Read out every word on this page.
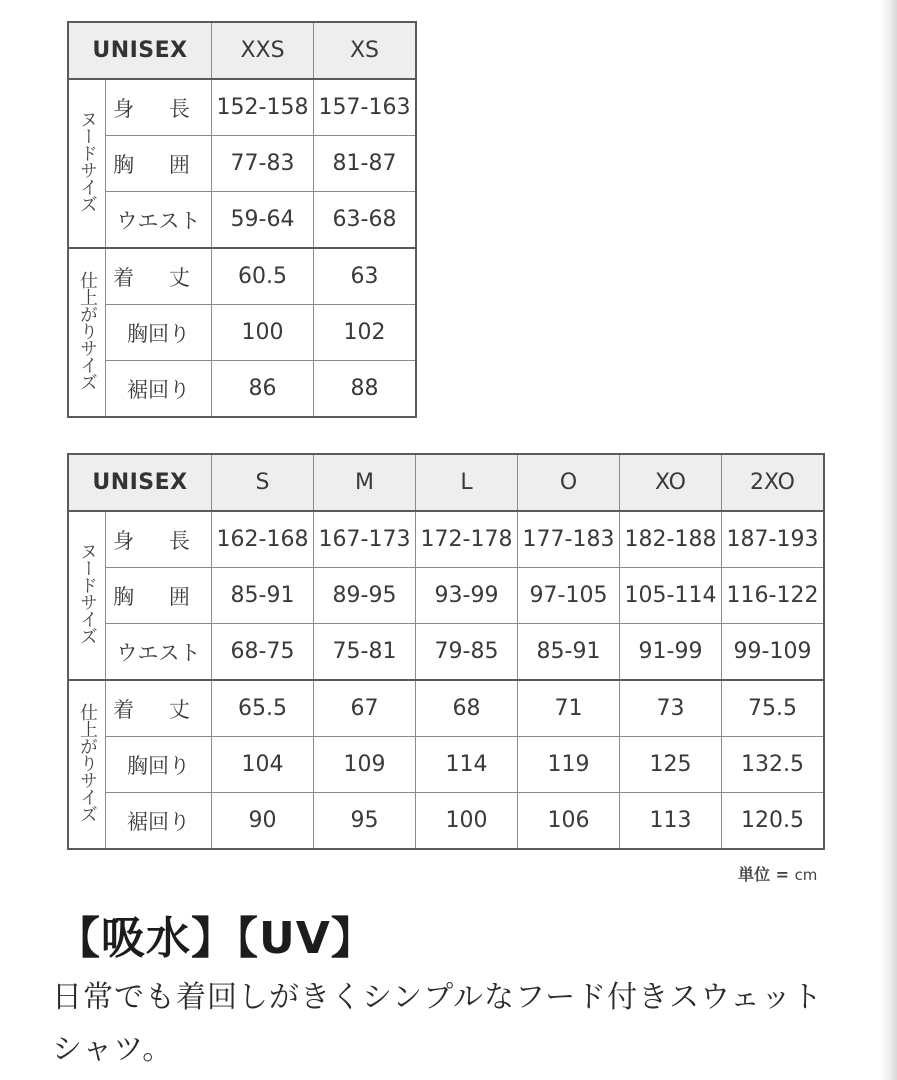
UNISEX		XXS	XS
ヌードサイズ	身 長	152-158	157-163
	胸 囲	77-83	81-87
	ウエスト	59-64	63-68
仕上がりサイズ	着 丈	60.5	63
	胸回り	100	102
	裾回り	86	88
UNISEX		S	M	L	O	XO	2XO
ヌードサイズ	身 長	162-168	167-173	172-178	177-183	182-188	187-193
	胸 囲	85-91	89-95	93-99	97-105	105-114	116-122
	ウエスト	68-75	75-81	79-85	85-91	91-99	99-109
仕上がりサイズ	着 丈	65.5	67	68	71	73	75.5
	胸回り	104	109	114	119	125	132.5
	裾回り	90	95	100	106	113	120.5
単位 = cm
【吸水】【UV】
日常でも着回しがきくシンプルなフード付きスウェットシャツ。
